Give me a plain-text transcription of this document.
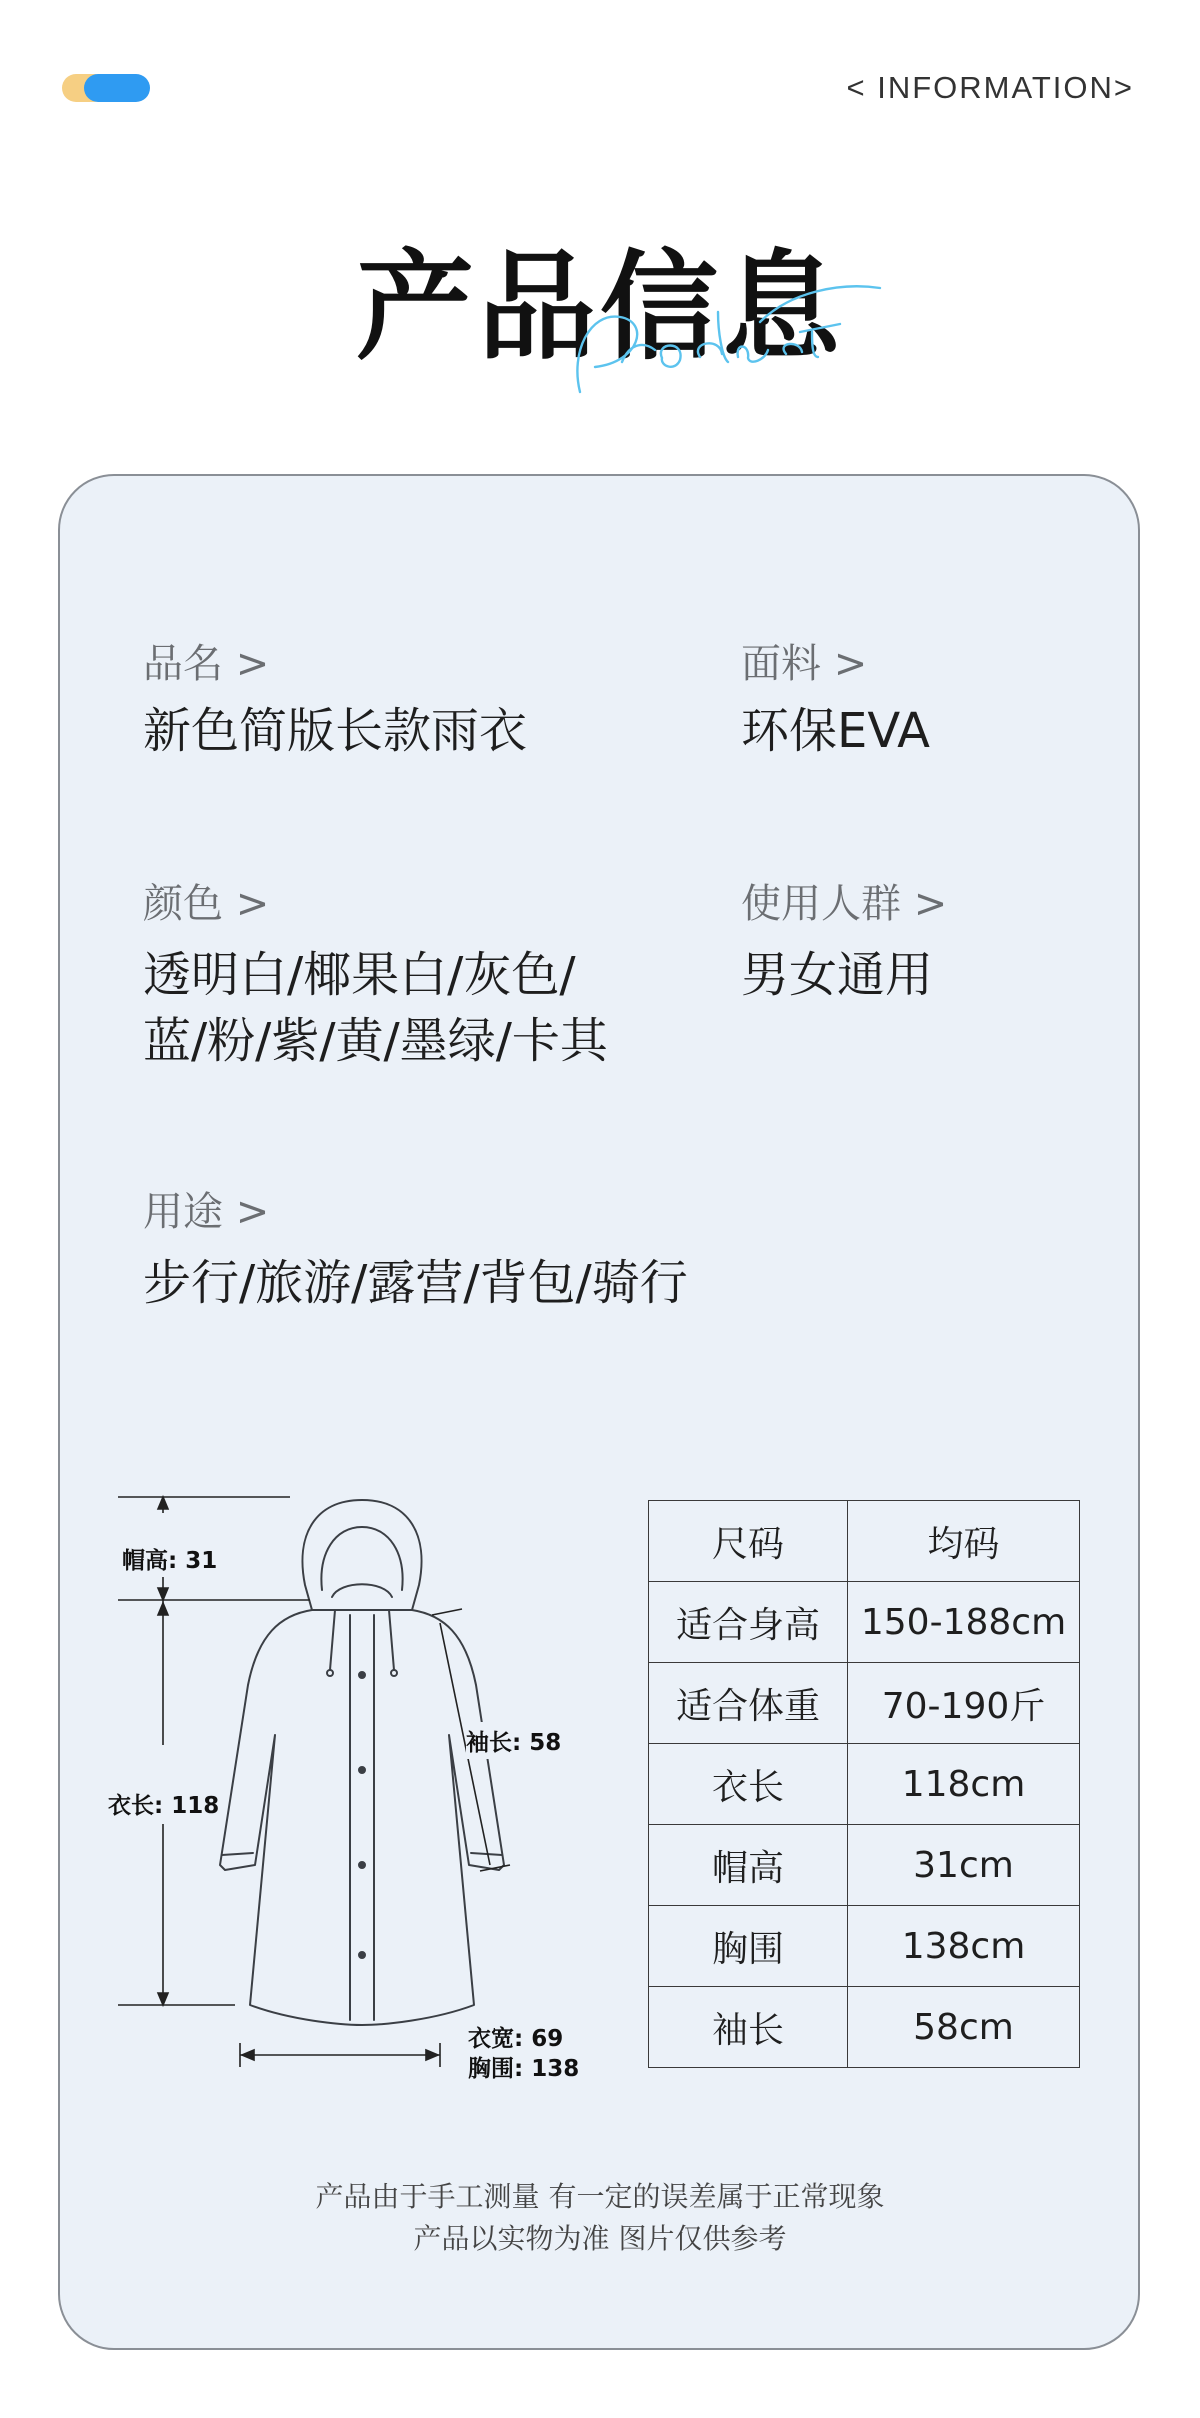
< INFORMATION>
产品信息
品名 >
新色简版长款雨衣
面料 >
环保EVA
颜色 >
透明白/椰果白/灰色/
蓝/粉/紫/黄/墨绿/卡其
使用人群 >
男女通用
用途 >
步行/旅游/露营/背包/骑行
帽高: 31
衣长: 118
袖长: 58
衣宽: 69
胸围: 138
尺码	均码
适合身高	150-188cm
适合体重	70-190斤
衣长	118cm
帽高	31cm
胸围	138cm
袖长	58cm
产品由于手工测量 有一定的误差属于正常现象
产品以实物为准 图片仅供参考
